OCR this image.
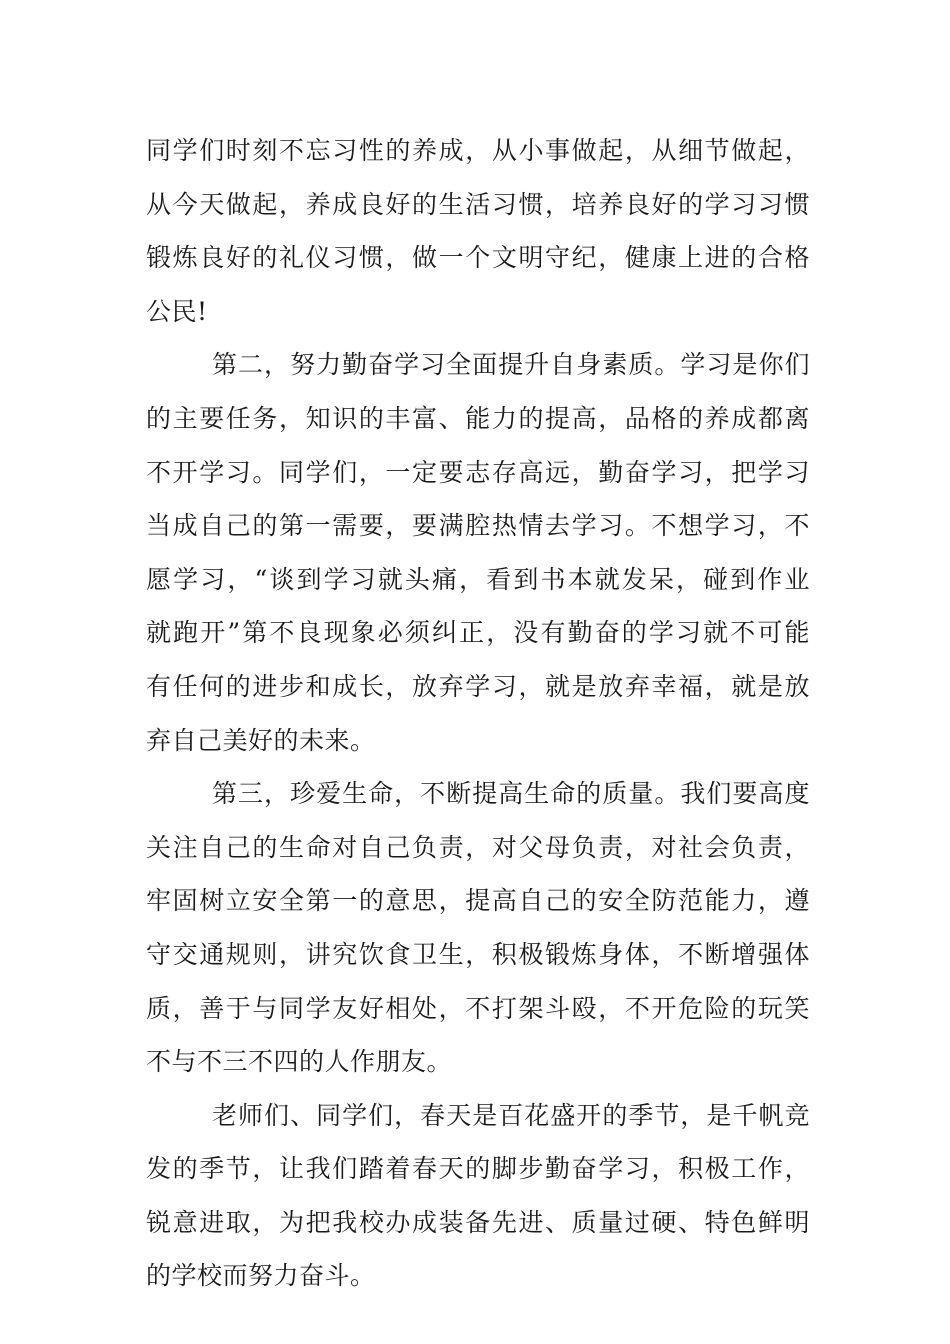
同学们时刻不忘习性的养成，从小事做起，从细节做起，
从今天做起，养成良好的生活习惯，培养良好的学习习惯
锻炼良好的礼仪习惯，做一个文明守纪，健康上进的合格
公民!
第二，努力勤奋学习全面提升自身素质。学习是你们
的主要任务，知识的丰富、能力的提高，品格的养成都离
不开学习。同学们，一定要志存高远，勤奋学习，把学习
当成自己的第一需要，要满腔热情去学习。不想学习，不
愿学习，“谈到学习就头痛，看到书本就发呆，碰到作业
就跑开”第不良现象必须纠正，没有勤奋的学习就不可能
有任何的进步和成长，放弃学习，就是放弃幸福，就是放
弃自己美好的未来。
第三，珍爱生命，不断提高生命的质量。我们要高度
关注自己的生命对自己负责，对父母负责，对社会负责，
牢固树立安全第一的意思，提高自己的安全防范能力，遵
守交通规则，讲究饮食卫生，积极锻炼身体，不断增强体
质，善于与同学友好相处，不打架斗殴，不开危险的玩笑
不与不三不四的人作朋友。
老师们、同学们，春天是百花盛开的季节，是千帆竞
发的季节，让我们踏着春天的脚步勤奋学习，积极工作，
锐意进取，为把我校办成装备先进、质量过硬、特色鲜明
的学校而努力奋斗。
